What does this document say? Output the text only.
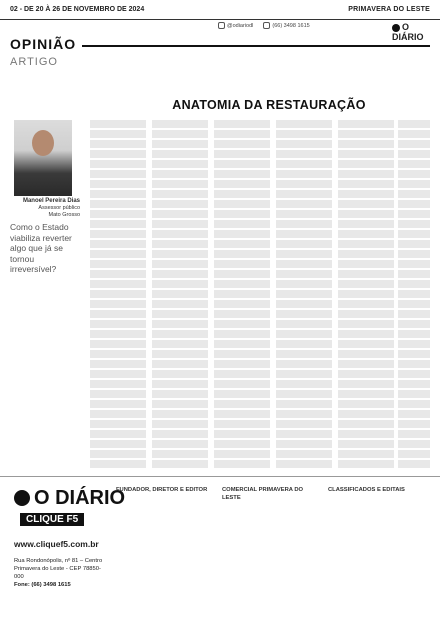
02 - DE 20 À 26 DE NOVEMBRO DE 2024	PRIMAVERA DO LESTE
@odiariodl	(66) 3498 1615	O DIÁRIO
OPINIÃO
ARTIGO
ANATOMIA DA RESTAURAÇÃO
Manoel Pereira Dias
Assessor público
Mato Grosso
Como o Estado viabiliza reverter algo que já se tornou irreversível?
O DIÁRIO
CLIQUE F5
www.cliquef5.com.br
Rua Rondonópolis, nº 81 – Centro Primavera do Leste - CEP 78850-000
Fone: (66) 3498 1615
FUNDADOR, DIRETOR E EDITOR	COMERCIAL PRIMAVERA DO LESTE
CLASSIFICADOS E EDITAIS
